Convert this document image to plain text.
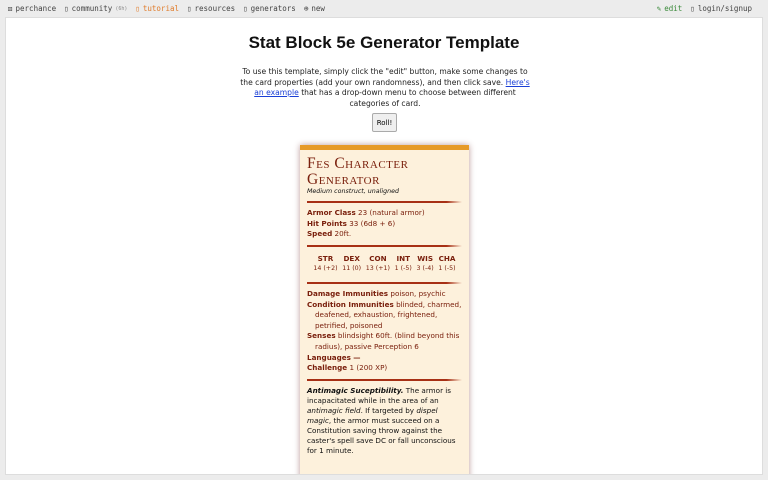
⚄ perchance ▯ community (6h) ▯ tutorial ▯ resources ▯ generators ⊕ new	✎ edit ▯ login/signup
Stat Block 5e Generator Template

To use this template, simply click the "edit" button, make some changes to the card properties (add your own randomness), and then click save. Here's an example that has a drop-down menu to choose between different categories of card.

Roll!
Fes Character Generator
Medium construct, unaligned
Armor Class 23 (natural armor)
Hit Points 33 (6d8 + 6)
Speed 20ft.
STR
14 (+2)
DEX
11 (0)
CON
13 (+1)
INT
1 (-5)
WIS
3 (-4)
CHA
1 (-5)
Damage Immunities poison, psychic
Condition Immunities blinded, charmed, deafened, exhaustion, frightened, petrified, poisoned
Senses blindsight 60ft. (blind beyond this radius), passive Perception 6
Languages —
Challenge 1 (200 XP)

Antimagic Suceptibility. The armor is incapacitated while in the area of an antimagic field. If targeted by dispel magic, the armor must succeed on a Constitution saving throw against the caster's spell save DC or fall unconscious for 1 minute.
